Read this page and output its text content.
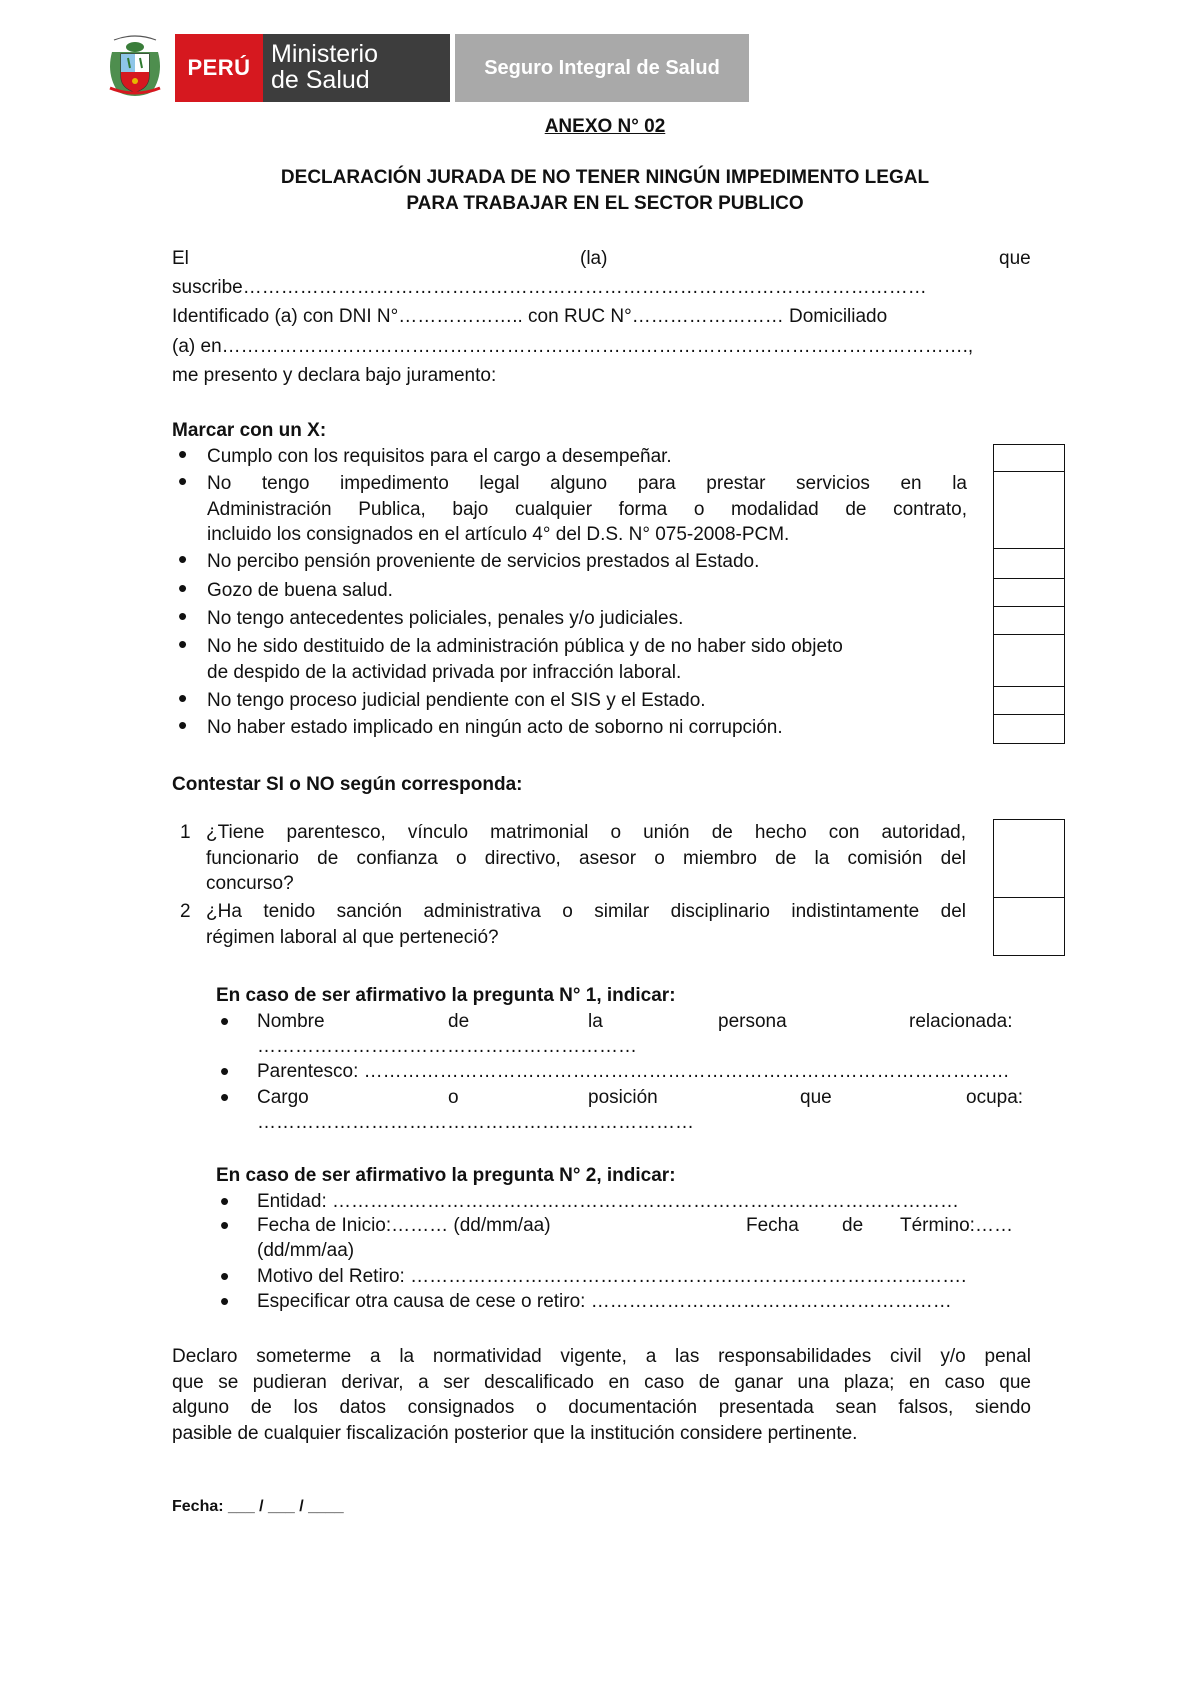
PERÚ Ministerio
de Salud	Seguro Integral de Salud
ANEXO N° 02
DECLARACIÓN JURADA DE NO TENER NINGÚN IMPEDIMENTO LEGAL
PARA TRABAJAR EN EL SECTOR PUBLICO
El	(la)	que
suscribe………………………………………………………………………………………………
Identificado (a) con DNI N°……………….. con RUC N°…………………… Domiciliado
(a) en……………………………………………………………………………………………………….,
me presento y declara bajo juramento:
Marcar con un X:
• Cumplo con los requisitos para el cargo a desempeñar.
• No tengo impedimento legal alguno para prestar servicios en la
Administración Publica, bajo cualquier forma o modalidad de contrato,
incluido los consignados en el artículo 4° del D.S. N° 075-2008-PCM.
• No percibo pensión proveniente de servicios prestados al Estado.
• Gozo de buena salud.
• No tengo antecedentes policiales, penales y/o judiciales.
• No he sido destituido de la administración pública y de no haber sido objeto
de despido de la actividad privada por infracción laboral.
• No tengo proceso judicial pendiente con el SIS y el Estado.
• No haber estado implicado en ningún acto de soborno ni corrupción.
Contestar SI o NO según corresponda:
1 ¿Tiene parentesco, vínculo matrimonial o unión de hecho con autoridad,
funcionario de confianza o directivo, asesor o miembro de la comisión del
concurso?
2 ¿Ha tenido sanción administrativa o similar disciplinario indistintamente del
régimen laboral al que perteneció?
En caso de ser afirmativo la pregunta N° 1, indicar:
• Nombre	de	la	persona	relacionada:
……………………………………………………
• Parentesco: …………………………………………………………………………………………
• Cargo	o	posición	que	ocupa:
……………………………………………………………
En caso de ser afirmativo la pregunta N° 2, indicar:
• Entidad: ………………………………………………………………………………………
• Fecha de Inicio:……… (dd/mm/aa)	Fecha de Término:……
(dd/mm/aa)
• Motivo del Retiro: …………………………………………………………………………….
• Especificar otra causa de cese o retiro: …………………………………………………
Declaro someterme a la normatividad vigente, a las responsabilidades civil y/o penal
que se pudieran derivar, a ser descalificado en caso de ganar una plaza; en caso que
alguno de los datos consignados o documentación presentada sean falsos, siendo
pasible de cualquier fiscalización posterior que la institución considere pertinente.
Fecha: ___ / ___ / ____
